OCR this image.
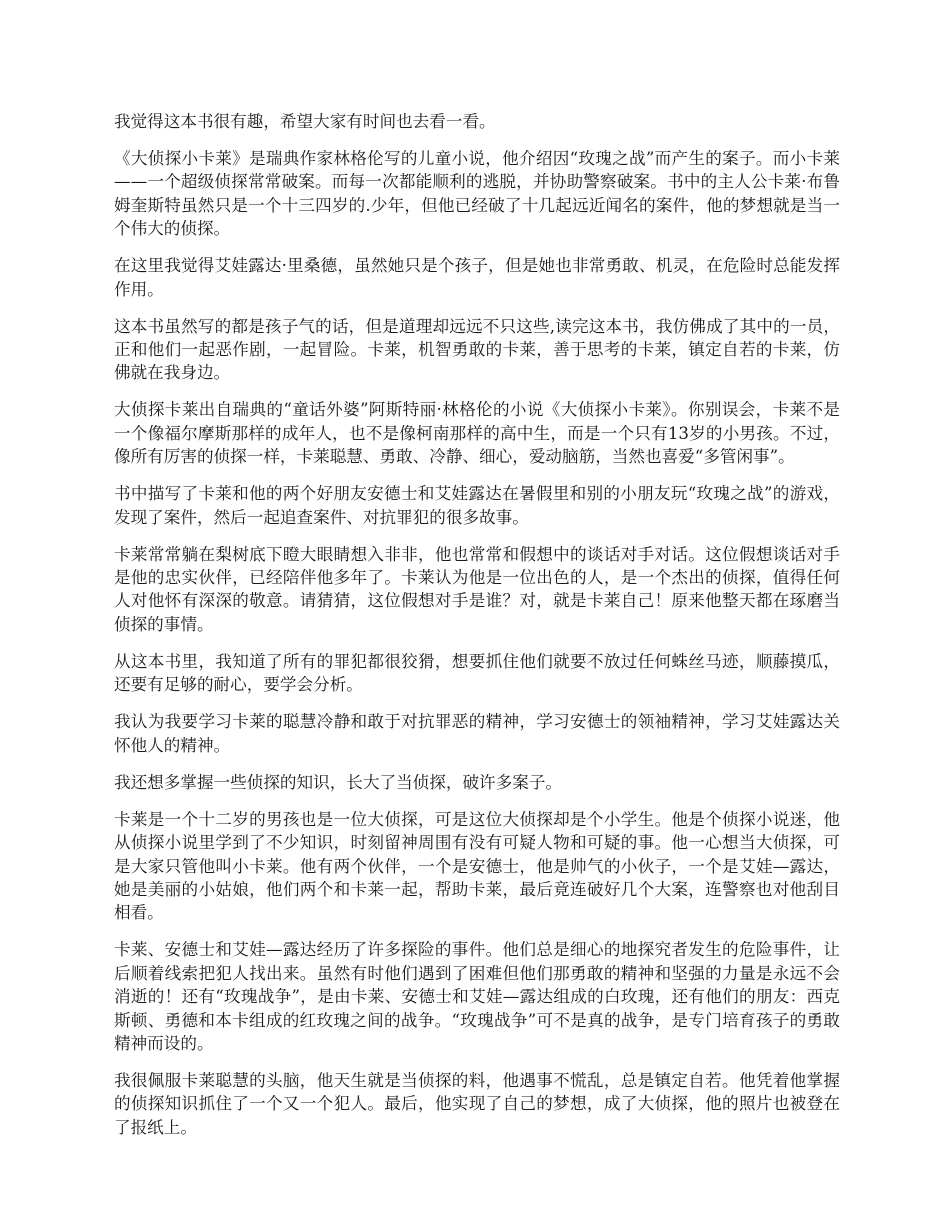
我觉得这本书很有趣，希望大家有时间也去看一看。

《大侦探小卡莱》是瑞典作家林格伦写的儿童小说，他介绍因“玫瑰之战”而产生的案子。而小卡莱——一个超级侦探常常破案。而每一次都能顺利的逃脱，并协助警察破案。书中的主人公卡莱·布鲁姆奎斯特虽然只是一个十三四岁的.少年，但他已经破了十几起远近闻名的案件，他的梦想就是当一个伟大的侦探。

在这里我觉得艾娃露达·里桑德，虽然她只是个孩子，但是她也非常勇敢、机灵，在危险时总能发挥作用。

这本书虽然写的都是孩子气的话，但是道理却远远不只这些,读完这本书，我仿佛成了其中的一员，正和他们一起恶作剧，一起冒险。卡莱，机智勇敢的卡莱，善于思考的卡莱，镇定自若的卡莱，仿佛就在我身边。

大侦探卡莱出自瑞典的“童话外婆”阿斯特丽·林格伦的小说《大侦探小卡莱》。你别误会，卡莱不是一个像福尔摩斯那样的成年人，也不是像柯南那样的高中生，而是一个只有13岁的小男孩。不过，像所有厉害的侦探一样，卡莱聪慧、勇敢、冷静、细心，爱动脑筋，当然也喜爱“多管闲事”。

书中描写了卡莱和他的两个好朋友安德士和艾娃露达在暑假里和别的小朋友玩“玫瑰之战”的游戏，发现了案件，然后一起追查案件、对抗罪犯的很多故事。

卡莱常常躺在梨树底下瞪大眼睛想入非非，他也常常和假想中的谈话对手对话。这位假想谈话对手是他的忠实伙伴，已经陪伴他多年了。卡莱认为他是一位出色的人，是一个杰出的侦探，值得任何人对他怀有深深的敬意。请猜猜，这位假想对手是谁？对，就是卡莱自己！原来他整天都在琢磨当侦探的事情。

从这本书里，我知道了所有的罪犯都很狡猾，想要抓住他们就要不放过任何蛛丝马迹，顺藤摸瓜，还要有足够的耐心，要学会分析。

我认为我要学习卡莱的聪慧冷静和敢于对抗罪恶的精神，学习安德士的领袖精神，学习艾娃露达关怀他人的精神。

我还想多掌握一些侦探的知识，长大了当侦探，破许多案子。

卡莱是一个十二岁的男孩也是一位大侦探，可是这位大侦探却是个小学生。他是个侦探小说迷，他从侦探小说里学到了不少知识，时刻留神周围有没有可疑人物和可疑的事。他一心想当大侦探，可是大家只管他叫小卡莱。他有两个伙伴，一个是安德士，他是帅气的小伙子，一个是艾娃—露达，她是美丽的小姑娘，他们两个和卡莱一起，帮助卡莱，最后竟连破好几个大案，连警察也对他刮目相看。

卡莱、安德士和艾娃—露达经历了许多探险的事件。他们总是细心的地探究者发生的危险事件，让后顺着线索把犯人找出来。虽然有时他们遇到了困难但他们那勇敢的精神和坚强的力量是永远不会消逝的！还有“玫瑰战争”，是由卡莱、安德士和艾娃—露达组成的白玫瑰，还有他们的朋友：西克斯顿、勇德和本卡组成的红玫瑰之间的战争。“玫瑰战争”可不是真的战争，是专门培育孩子的勇敢精神而设的。

我很佩服卡莱聪慧的头脑，他天生就是当侦探的料，他遇事不慌乱，总是镇定自若。他凭着他掌握的侦探知识抓住了一个又一个犯人。最后，他实现了自己的梦想，成了大侦探，他的照片也被登在了报纸上。
